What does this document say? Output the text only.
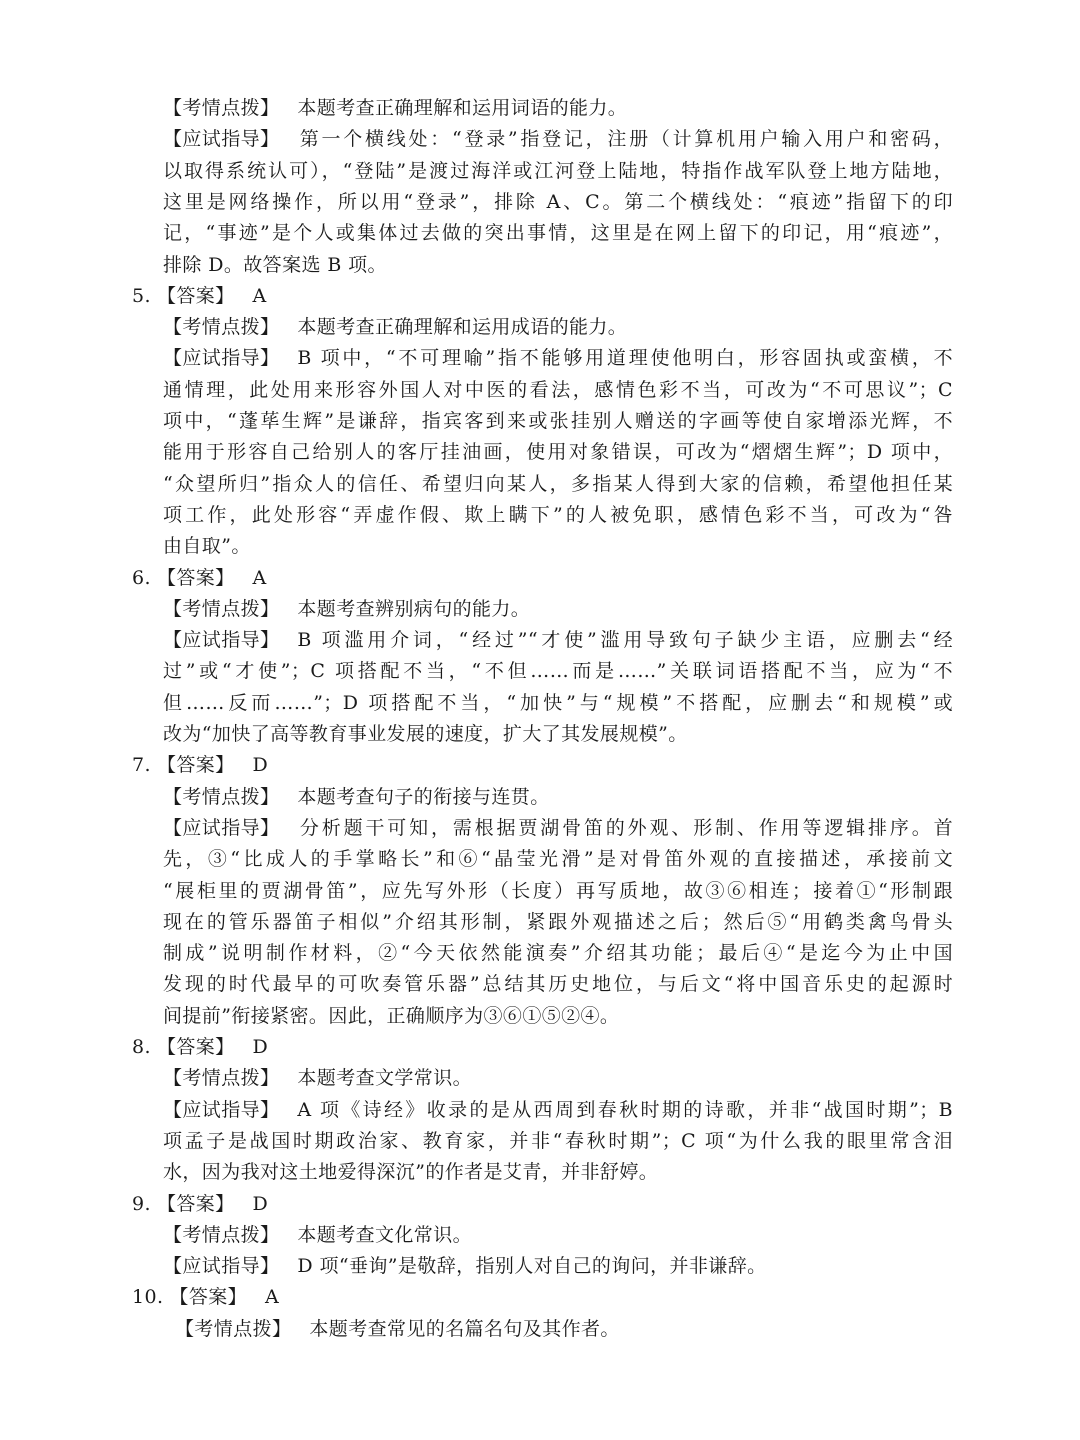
【考情点拨】 本题考查正确理解和运用词语的能力。
【应试指导】 第一个横线处：“登录”指登记，注册（计算机用户输入用户和密码，
以取得系统认可），“登陆”是渡过海洋或江河登上陆地，特指作战军队登上地方陆地，
这里是网络操作，所以用“登录”，排除 A、C。第二个横线处：“痕迹”指留下的印
记，“事迹”是个人或集体过去做的突出事情，这里是在网上留下的印记，用“痕迹”，
排除 D。故答案选 B 项。
5. 【答案】 A
【考情点拨】 本题考查正确理解和运用成语的能力。
【应试指导】 B 项中，“不可理喻”指不能够用道理使他明白，形容固执或蛮横，不
通情理，此处用来形容外国人对中医的看法，感情色彩不当，可改为“不可思议”；C
项中，“蓬荜生辉”是谦辞，指宾客到来或张挂别人赠送的字画等使自家增添光辉，不
能用于形容自己给别人的客厅挂油画，使用对象错误，可改为“熠熠生辉”；D 项中，
“众望所归”指众人的信任、希望归向某人，多指某人得到大家的信赖，希望他担任某
项工作，此处形容“弄虚作假、欺上瞒下”的人被免职，感情色彩不当，可改为“咎
由自取”。
6. 【答案】 A
【考情点拨】 本题考查辨别病句的能力。
【应试指导】 B 项滥用介词，“经过”“才使”滥用导致句子缺少主语，应删去“经
过”或“才使”；C 项搭配不当，“不但……而是……”关联词语搭配不当，应为“不
但……反而……”；D 项搭配不当，“加快”与“规模”不搭配，应删去“和规模”或
改为“加快了高等教育事业发展的速度，扩大了其发展规模”。
7. 【答案】 D
【考情点拨】 本题考查句子的衔接与连贯。
【应试指导】 分析题干可知，需根据贾湖骨笛的外观、形制、作用等逻辑排序。首
先，③“比成人的手掌略长”和⑥“晶莹光滑”是对骨笛外观的直接描述，承接前文
“展柜里的贾湖骨笛”，应先写外形（长度）再写质地，故③⑥相连；接着①“形制跟
现在的管乐器笛子相似”介绍其形制，紧跟外观描述之后；然后⑤“用鹤类禽鸟骨头
制成”说明制作材料，②“今天依然能演奏”介绍其功能；最后④“是迄今为止中国
发现的时代最早的可吹奏管乐器”总结其历史地位，与后文“将中国音乐史的起源时
间提前”衔接紧密。因此，正确顺序为③⑥①⑤②④。
8. 【答案】 D
【考情点拨】 本题考查文学常识。
【应试指导】 A 项《诗经》收录的是从西周到春秋时期的诗歌，并非“战国时期”；B
项孟子是战国时期政治家、教育家，并非“春秋时期”；C 项“为什么我的眼里常含泪
水，因为我对这土地爱得深沉”的作者是艾青，并非舒婷。
9. 【答案】 D
【考情点拨】 本题考查文化常识。
【应试指导】 D 项“垂询”是敬辞，指别人对自己的询问，并非谦辞。
10. 【答案】 A
【考情点拨】 本题考查常见的名篇名句及其作者。
